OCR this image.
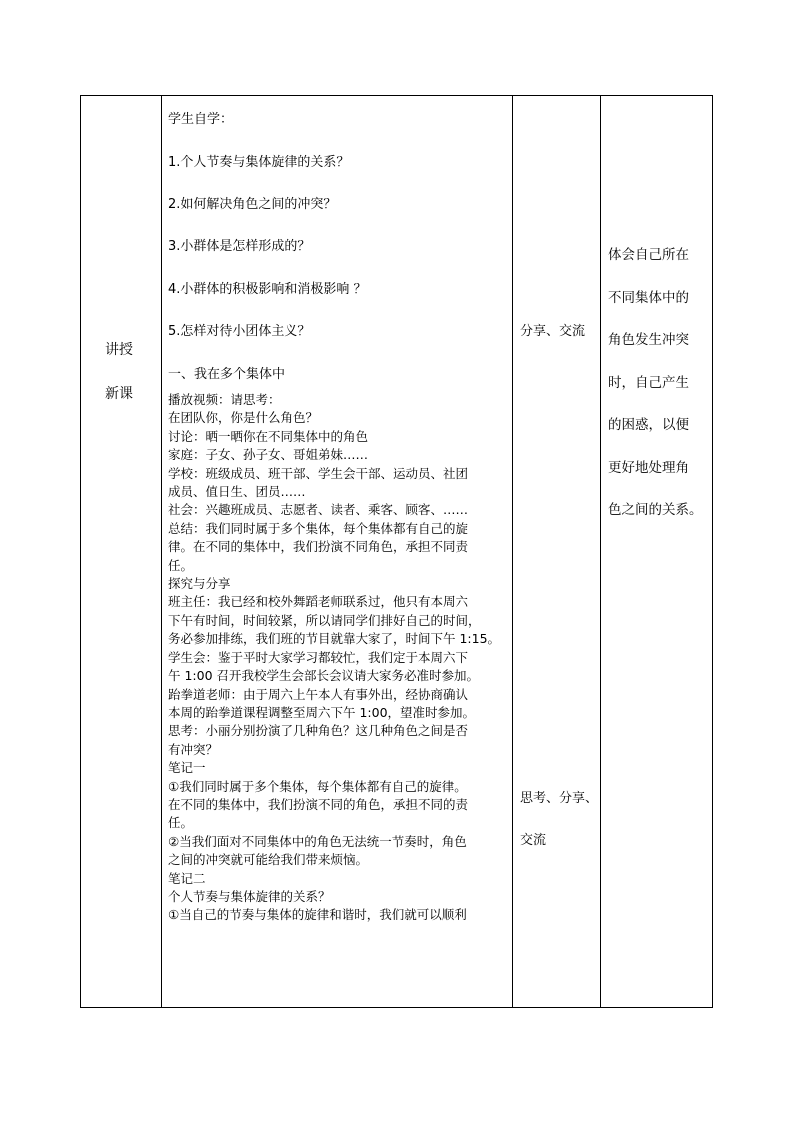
讲授
新课
学生自学：
1.个人节奏与集体旋律的关系？
2.如何解决角色之间的冲突？
3.小群体是怎样形成的？
4.小群体的积极影响和消极影响 ？
5.怎样对待小团体主义？
一、我在多个集体中
播放视频：请思考：
在团队你，你是什么角色？
讨论：晒一晒你在不同集体中的角色
家庭：子女、孙子女、哥姐弟妹……
学校：班级成员、班干部、学生会干部、运动员、社团
成员、值日生、团员……
社会：兴趣班成员、志愿者、读者、乘客、顾客、……
总结：我们同时属于多个集体，每个集体都有自己的旋
律。在不同的集体中，我们扮演不同角色，承担不同责
任。
探究与分享
班主任：我已经和校外舞蹈老师联系过，他只有本周六
下午有时间，时间较紧，所以请同学们排好自己的时间，
务必参加排练，我们班的节目就靠大家了，时间下午 1:15。
学生会：鉴于平时大家学习都较忙，我们定于本周六下
午 1:00 召开我校学生会部长会议请大家务必准时参加。
跆拳道老师：由于周六上午本人有事外出，经协商确认
本周的跆拳道课程调整至周六下午 1:00，望准时参加。
思考：小丽分别扮演了几种角色？这几种角色之间是否
有冲突？
笔记一
①我们同时属于多个集体，每个集体都有自己的旋律。
在不同的集体中，我们扮演不同的角色，承担不同的责
任。
②当我们面对不同集体中的角色无法统一节奏时，角色
之间的冲突就可能给我们带来烦恼。
笔记二
个人节奏与集体旋律的关系？
①当自己的节奏与集体的旋律和谐时，我们就可以顺利
分享、交流
思考、分享、
交流
体会自己所在
不同集体中的
角色发生冲突
时，自己产生
的困惑，以便
更好地处理角
色之间的关系。
